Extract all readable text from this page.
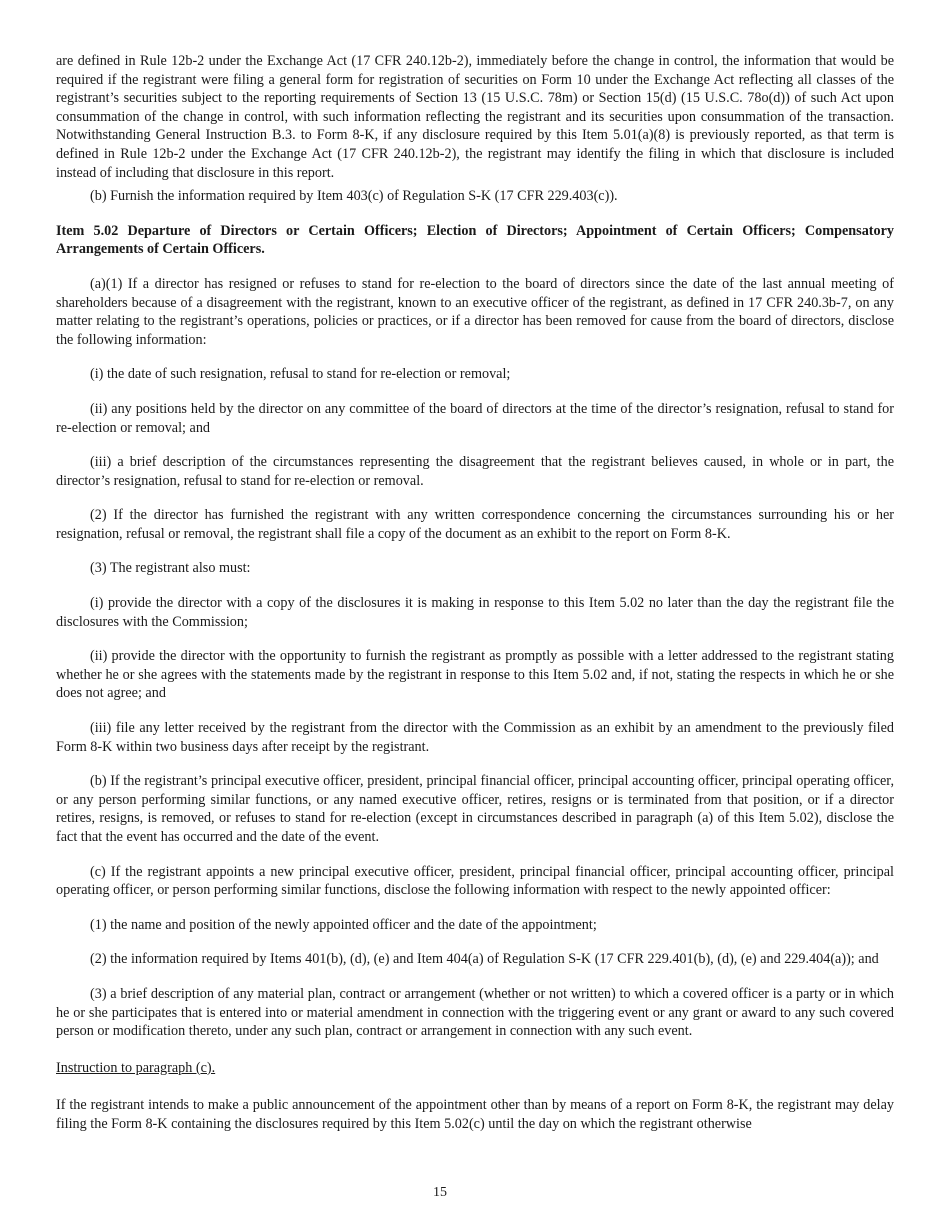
are defined in Rule 12b-2 under the Exchange Act (17 CFR 240.12b-2), immediately before the change in control, the information that would be required if the registrant were filing a general form for registration of securities on Form 10 under the Exchange Act reflecting all classes of the registrant’s securities subject to the reporting requirements of Section 13 (15 U.S.C. 78m) or Section 15(d) (15 U.S.C. 78o(d)) of such Act upon consummation of the change in control, with such information reflecting the registrant and its securities upon consummation of the transaction. Notwithstanding General Instruction B.3. to Form 8-K, if any disclosure required by this Item 5.01(a)(8) is previously reported, as that term is defined in Rule 12b-2 under the Exchange Act (17 CFR 240.12b-2), the registrant may identify the filing in which that disclosure is included instead of including that disclosure in this report.

(b) Furnish the information required by Item 403(c) of Regulation S-K (17 CFR 229.403(c)).

Item 5.02 Departure of Directors or Certain Officers; Election of Directors; Appointment of Certain Officers; Compensatory Arrangements of Certain Officers.

(a)(1) If a director has resigned or refuses to stand for re-election to the board of directors since the date of the last annual meeting of shareholders because of a disagreement with the registrant, known to an executive officer of the registrant, as defined in 17 CFR 240.3b-7, on any matter relating to the registrant’s operations, policies or practices, or if a director has been removed for cause from the board of directors, disclose the following information:

(i) the date of such resignation, refusal to stand for re-election or removal;

(ii) any positions held by the director on any committee of the board of directors at the time of the director’s resignation, refusal to stand for re-election or removal; and

(iii) a brief description of the circumstances representing the disagreement that the registrant believes caused, in whole or in part, the director’s resignation, refusal to stand for re-election or removal.

(2) If the director has furnished the registrant with any written correspondence concerning the circumstances surrounding his or her resignation, refusal or removal, the registrant shall file a copy of the document as an exhibit to the report on Form 8-K.

(3) The registrant also must:

(i) provide the director with a copy of the disclosures it is making in response to this Item 5.02 no later than the day the registrant file the disclosures with the Commission;

(ii) provide the director with the opportunity to furnish the registrant as promptly as possible with a letter addressed to the registrant stating whether he or she agrees with the statements made by the registrant in response to this Item 5.02 and, if not, stating the respects in which he or she does not agree; and

(iii) file any letter received by the registrant from the director with the Commission as an exhibit by an amendment to the previously filed Form 8-K within two business days after receipt by the registrant.

(b) If the registrant’s principal executive officer, president, principal financial officer, principal accounting officer, principal operating officer, or any person performing similar functions, or any named executive officer, retires, resigns or is terminated from that position, or if a director retires, resigns, is removed, or refuses to stand for re-election (except in circumstances described in paragraph (a) of this Item 5.02), disclose the fact that the event has occurred and the date of the event.

(c) If the registrant appoints a new principal executive officer, president, principal financial officer, principal accounting officer, principal operating officer, or person performing similar functions, disclose the following information with respect to the newly appointed officer:

(1) the name and position of the newly appointed officer and the date of the appointment;

(2) the information required by Items 401(b), (d), (e) and Item 404(a) of Regulation S-K (17 CFR 229.401(b), (d), (e) and 229.404(a)); and

(3) a brief description of any material plan, contract or arrangement (whether or not written) to which a covered officer is a party or in which he or she participates that is entered into or material amendment in connection with the triggering event or any grant or award to any such covered person or modification thereto, under any such plan, contract or arrangement in connection with any such event.

Instruction to paragraph (c).

If the registrant intends to make a public announcement of the appointment other than by means of a report on Form 8-K, the registrant may delay filing the Form 8-K containing the disclosures required by this Item 5.02(c) until the day on which the registrant otherwise

15
